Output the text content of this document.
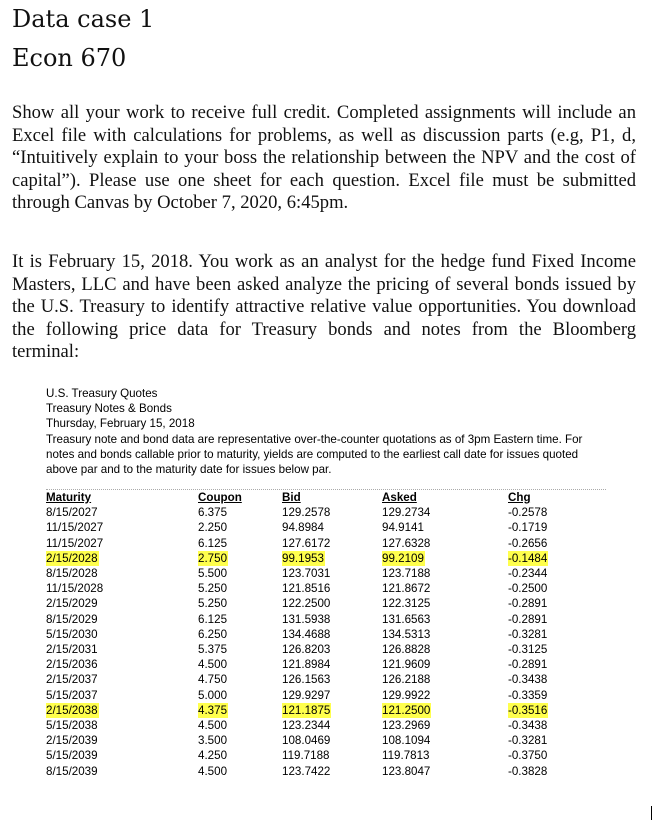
Data case 1
Econ 670

Show all your work to receive full credit. Completed assignments will include an Excel file with calculations for problems, as well as discussion parts (e.g, P1, d, “Intuitively explain to your boss the relationship between the NPV and the cost of capital”). Please use one sheet for each question. Excel file must be submitted through Canvas by October 7, 2020, 6:45pm.

It is February 15, 2018. You work as an analyst for the hedge fund Fixed Income Masters, LLC and have been asked analyze the pricing of several bonds issued by the U.S. Treasury to identify attractive relative value opportunities. You download the following price data for Treasury bonds and notes from the Bloomberg terminal:

U.S. Treasury Quotes
Treasury Notes & Bonds
Thursday, February 15, 2018
Treasury note and bond data are representative over-the-counter quotations as of 3pm Eastern time. For notes and bonds callable prior to maturity, yields are computed to the earliest call date for issues quoted above par and to the maturity date for issues below par.
Maturity	Coupon	Bid	Asked	Chg
8/15/2027	6.375	129.2578	129.2734	-0.2578
11/15/2027	2.250	94.8984	94.9141	-0.1719
11/15/2027	6.125	127.6172	127.6328	-0.2656
2/15/2028	2.750	99.1953	99.2109	-0.1484
8/15/2028	5.500	123.7031	123.7188	-0.2344
11/15/2028	5.250	121.8516	121.8672	-0.2500
2/15/2029	5.250	122.2500	122.3125	-0.2891
8/15/2029	6.125	131.5938	131.6563	-0.2891
5/15/2030	6.250	134.4688	134.5313	-0.3281
2/15/2031	5.375	126.8203	126.8828	-0.3125
2/15/2036	4.500	121.8984	121.9609	-0.2891
2/15/2037	4.750	126.1563	126.2188	-0.3438
5/15/2037	5.000	129.9297	129.9922	-0.3359
2/15/2038	4.375	121.1875	121.2500	-0.3516
5/15/2038	4.500	123.2344	123.2969	-0.3438
2/15/2039	3.500	108.0469	108.1094	-0.3281
5/15/2039	4.250	119.7188	119.7813	-0.3750
8/15/2039	4.500	123.7422	123.8047	-0.3828
